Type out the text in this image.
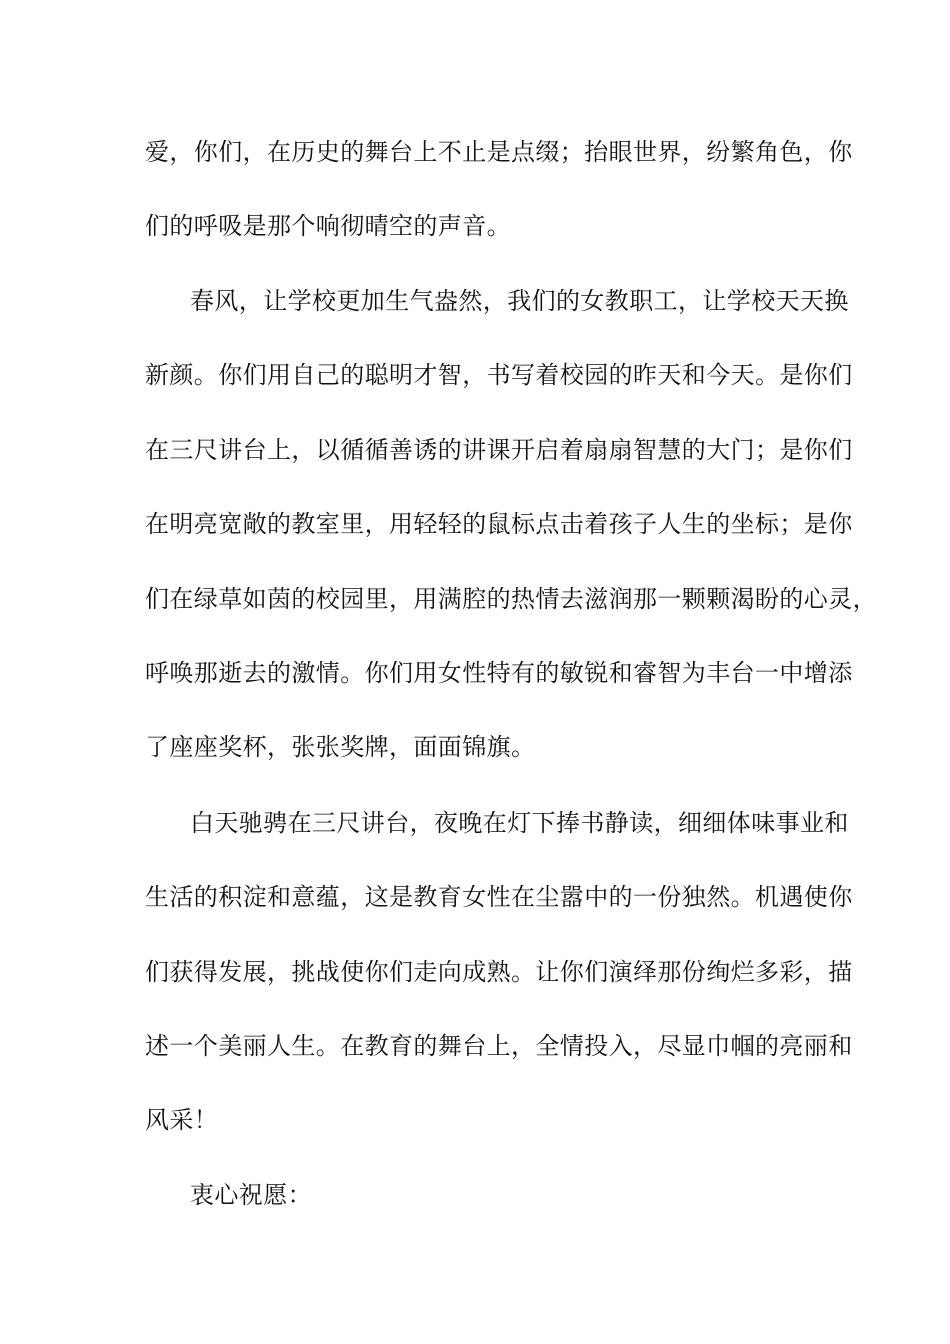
爱，你们，在历史的舞台上不止是点缀；抬眼世界，纷繁角色，你
们的呼吸是那个响彻晴空的声音。
春风，让学校更加生气盎然，我们的女教职工，让学校天天换
新颜。你们用自己的聪明才智，书写着校园的昨天和今天。是你们
在三尺讲台上，以循循善诱的讲课开启着扇扇智慧的大门；是你们
在明亮宽敞的教室里，用轻轻的鼠标点击着孩子人生的坐标；是你
们在绿草如茵的校园里，用满腔的热情去滋润那一颗颗渴盼的心灵，
呼唤那逝去的激情。你们用女性特有的敏锐和睿智为丰台一中增添
了座座奖杯，张张奖牌，面面锦旗。
白天驰骋在三尺讲台，夜晚在灯下捧书静读，细细体味事业和
生活的积淀和意蕴，这是教育女性在尘嚣中的一份独然。机遇使你
们获得发展，挑战使你们走向成熟。让你们演绎那份绚烂多彩，描
述一个美丽人生。在教育的舞台上，全情投入，尽显巾帼的亮丽和
风采！
衷心祝愿：
